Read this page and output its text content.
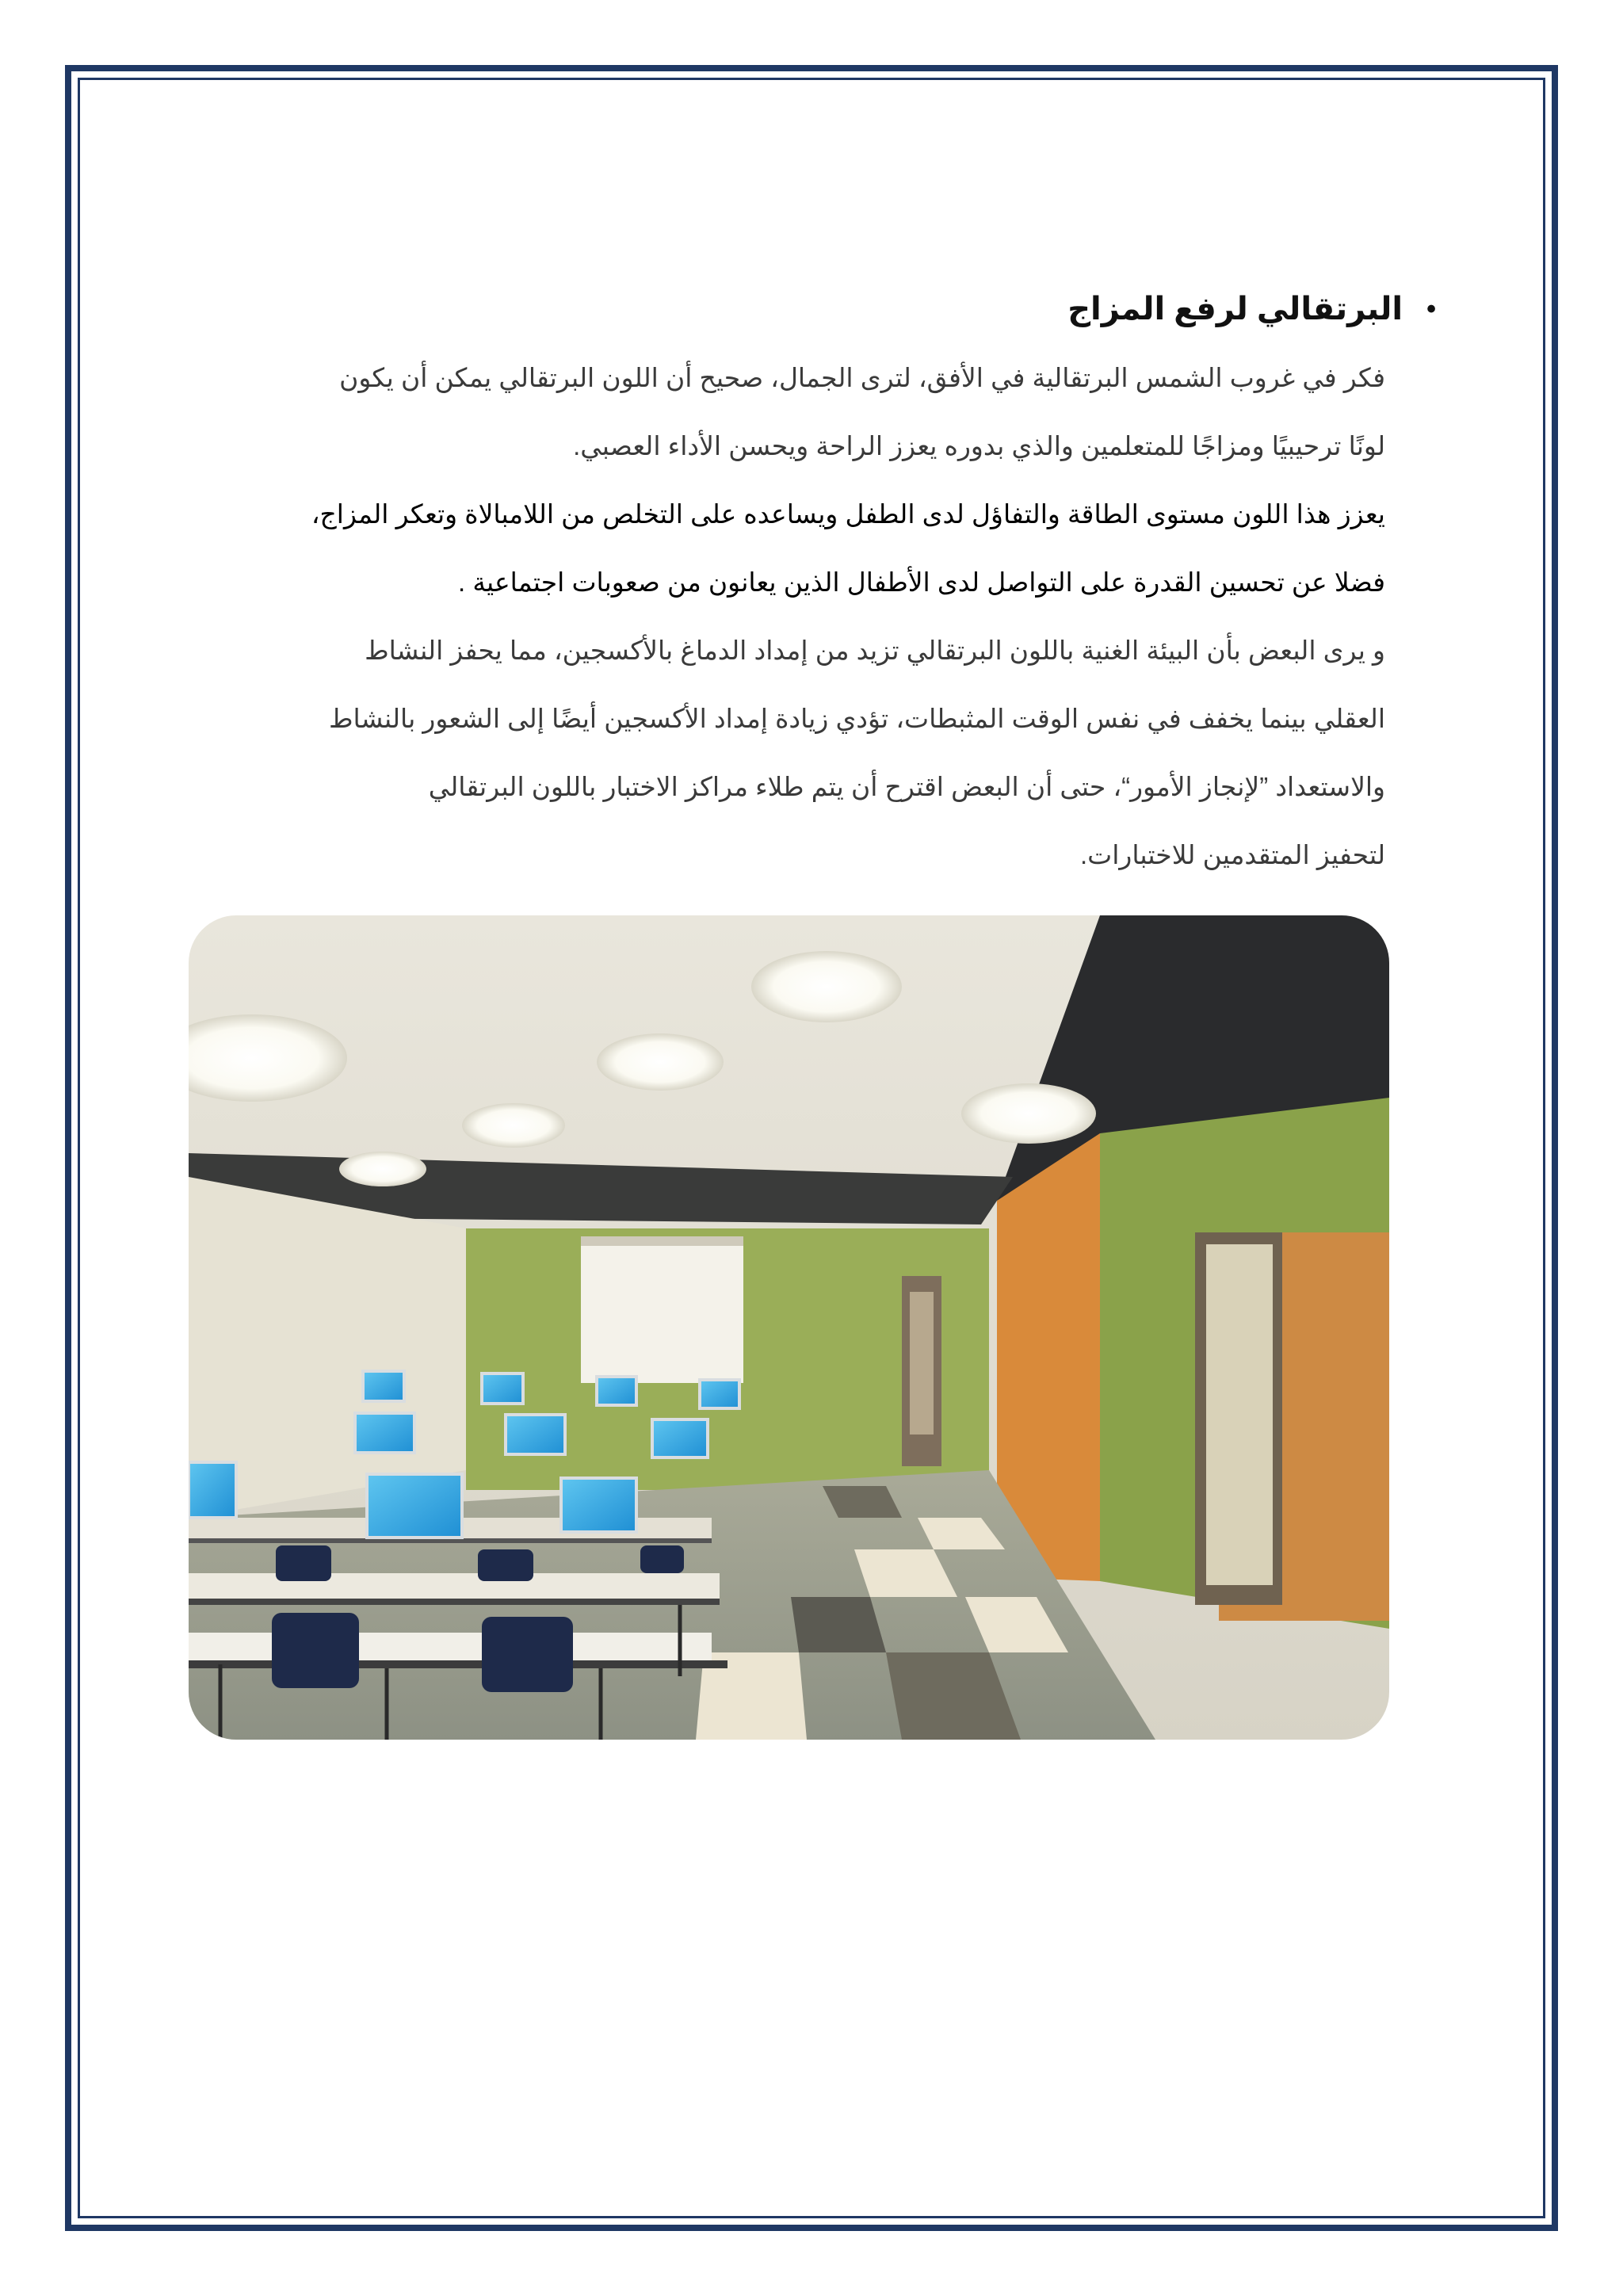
•
البرتقالي لرفع المزاج
فكر في غروب الشمس البرتقالية في الأفق، لترى الجمال، صحيح أن اللون البرتقالي يمكن أن يكون
لونًا ترحيبيًا ومزاجًا للمتعلمين والذي بدوره يعزز الراحة ويحسن الأداء العصبي.
يعزز هذا اللون مستوى الطاقة والتفاؤل لدى الطفل ويساعده على التخلص من اللامبالاة وتعكر المزاج،
فضلا عن تحسين القدرة على التواصل لدى الأطفال الذين يعانون من صعوبات اجتماعية .
و يرى البعض بأن البيئة الغنية باللون البرتقالي تزيد من إمداد الدماغ بالأكسجين، مما يحفز النشاط
العقلي بينما يخفف في نفس الوقت المثبطات، تؤدي زيادة إمداد الأكسجين أيضًا إلى الشعور بالنشاط
والاستعداد ”لإنجاز الأمور“، حتى أن البعض اقترح أن يتم طلاء مراكز الاختبار باللون البرتقالي
لتحفيز المتقدمين للاختبارات.
